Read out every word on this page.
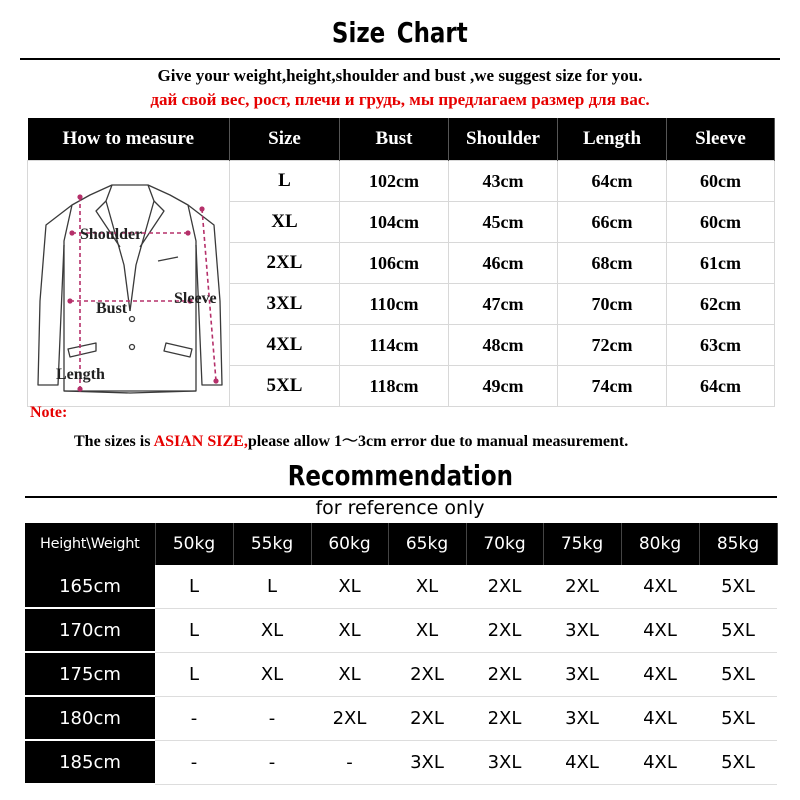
Size Chart
Give your weight,height,shoulder and bust ,we suggest size for you.
дай свой вес, рост, плечи и грудь, мы предлагаем размер для вас.
How to measure	Size	Bust	Shoulder	Length	Sleeve

Shoulder
Bust
Sleeve
Length	L	102cm	43cm	64cm	60cm
	XL	104cm	45cm	66cm	60cm
	2XL	106cm	46cm	68cm	61cm
	3XL	110cm	47cm	70cm	62cm
	4XL	114cm	48cm	72cm	63cm
	5XL	118cm	49cm	74cm	64cm
Note:
The sizes is ASIAN SIZE,please allow 1～3cm error due to manual measurement.
Recommendation
for reference only
Height\Weight	50kg	55kg	60kg	65kg	70kg	75kg	80kg	85kg
165cm	L	L	XL	XL	2XL	2XL	4XL	5XL
170cm	L	XL	XL	XL	2XL	3XL	4XL	5XL
175cm	L	XL	XL	2XL	2XL	3XL	4XL	5XL
180cm	-	-	2XL	2XL	2XL	3XL	4XL	5XL
185cm	-	-	-	3XL	3XL	4XL	4XL	5XL
